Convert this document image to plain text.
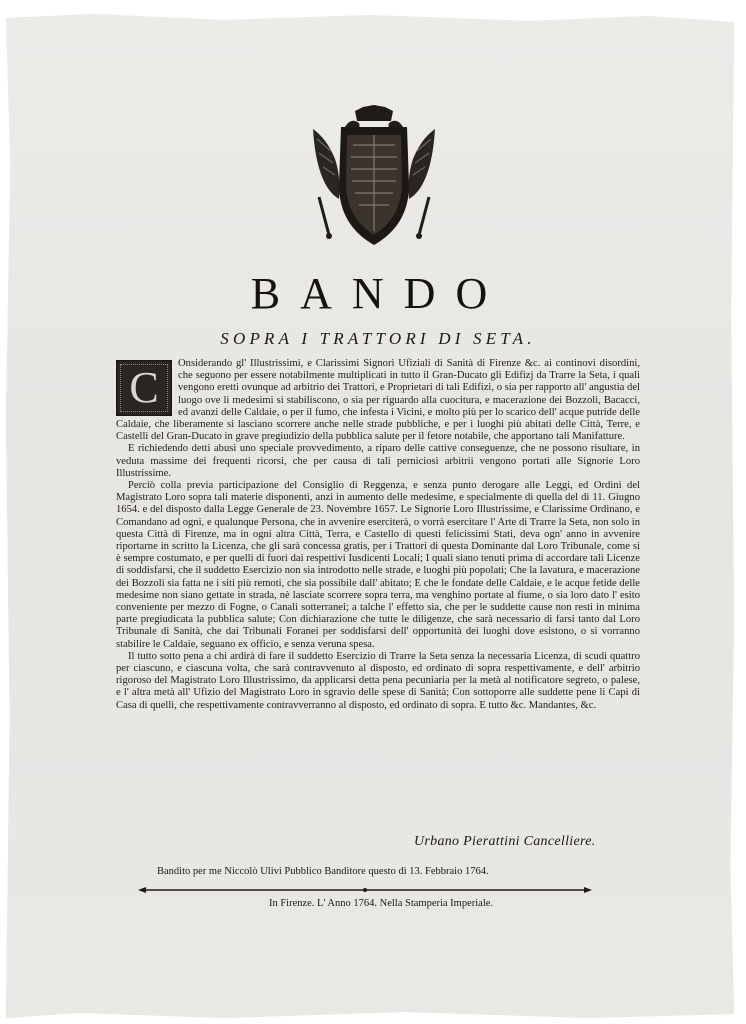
BANDO
SOPRA I TRATTORI DI SETA.
C	Onsiderando gl' Illustrissimi, e Clarissimi Signori Ufiziali di Sanità di Firenze &c. ai continovi disordini, che seguono per essere notabilmente multiplicati in tutto il Gran-Ducato gli Edifizj da Trarre la Seta, i quali vengono eretti ovunque ad arbitrio dei Trattori, e Proprietari di tali Edifizi, o sia per rapporto all' angustia del luogo ove li medesimi si stabiliscono, o sia per riguardo alla cuocitura, e macerazione dei Bozzoli, Bacacci, ed avanzi delle Caldaie, o per il fumo, che infesta i Vicini, e molto più per lo scarico dell' acque putride delle Caldaie, che liberamente si lasciano scorrere anche nelle strade pubbliche, e per i luoghi più abitati delle Città, Terre, e Castelli del Gran-Ducato in grave pregiudizio della pubblica salute per il fetore notabile, che apportano tali Manifatture.

E richiedendo detti abusi uno speciale provvedimento, a riparo delle cattive conseguenze, che ne possono risultare, in veduta massime dei frequenti ricorsi, che per causa di tali perniciosi arbitrii vengono portati alle Signorie Loro Illustrissime.

Perciò colla previa participazione del Consiglio di Reggenza, e senza punto derogare alle Leggi, ed Ordini del Magistrato Loro sopra tali materie disponenti, anzi in aumento delle medesime, e specialmente di quella del dì 11. Giugno 1654. e del disposto dalla Legge Generale de 23. Novembre 1657. Le Signorie Loro Illustrissime, e Clarissime Ordinano, e Comandano ad ogni, e qualunque Persona, che in avvenire eserciterà, o vorrà esercitare l' Arte di Trarre la Seta, non solo in questa Città di Firenze, ma in ogni altra Città, Terra, e Castello di questi felicissimi Stati, deva ogn' anno in avvenire riportarne in scritto la Licenza, che gli sarà concessa gratis, per i Trattori di questa Dominante dal Loro Tribunale, come si è sempre costumato, e per quelli di fuori dai respettivi Iusdicenti Locali; I quali siano tenuti prima di accordare tali Licenze di soddisfarsi, che il suddetto Esercizio non sia introdotto nelle strade, e luoghi più popolati; Che la lavatura, e macerazione dei Bozzoli sia fatta ne i siti più remoti, che sia possibile dall' abitato; E che le fondate delle Caldaie, e le acque fetide delle medesime non siano gettate in strada, nè lasciate scorrere sopra terra, ma venghino portate al fiume, o sia loro dato l' esito conveniente per mezzo di Fogne, o Canali sotterranei; a talche l' effetto sia, che per le suddette cause non resti in minima parte pregiudicata la pubblica salute; Con dichiarazione che tutte le diligenze, che sarà necessario di farsi tanto dal Loro Tribunale di Sanità, che dai Tribunali Foranei per soddisfarsi dell' opportunità dei luoghi dove esistono, o si vorranno stabilire le Caldaie, seguano ex officio, e senza veruna spesa.

Il tutto sotto pena a chi ardirà di fare il suddetto Esercizio di Trarre la Seta senza la necessaria Licenza, di scudi quattro per ciascuno, e ciascuna volta, che sarà contravvenuto al disposto, ed ordinato di sopra respettivamente, e dell' arbitrio rigoroso del Magistrato Loro Illustrissimo, da applicarsi detta pena pecuniaria per la metà al notificatore segreto, o palese, e l' altra metà all' Ufizio del Magistrato Loro in sgravio delle spese di Sanità; Con sottoporre alle suddette pene li Capi di Casa di quelli, che respettivamente contravverranno al disposto, ed ordinato di sopra. E tutto &c. Mandantes, &c.

Urbano Pierattini Cancelliere.
Bandito per me Niccolò Ulivi Pubblico Banditore questo dì 13. Febbraio 1764.
In Firenze. L' Anno 1764. Nella Stamperia Imperiale.
